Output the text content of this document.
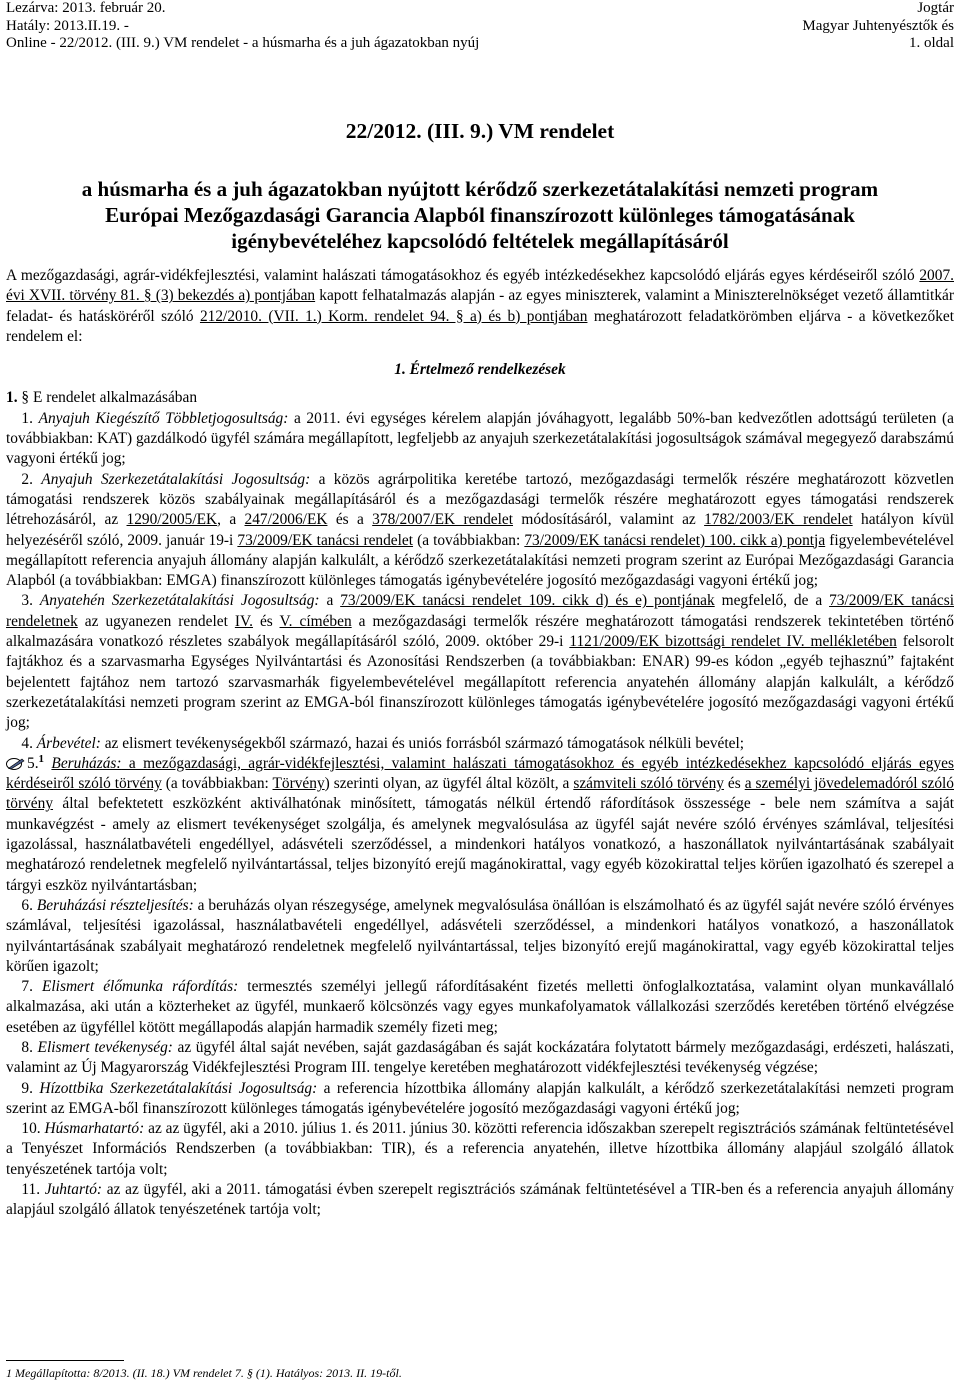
Lezárva: 2013. február 20.
Hatály: 2013.II.19. -
Online - 22/2012. (III. 9.) VM rendelet - a húsmarha és a juh ágazatokban nyúj
Jogtár
Magyar Juhtenyésztők és
1. oldal
22/2012. (III. 9.) VM rendelet
a húsmarha és a juh ágazatokban nyújtott kérődző szerkezetátalakítási nemzeti program
Európai Mezőgazdasági Garancia Alapból finanszírozott különleges támogatásának
igénybevételéhez kapcsolódó feltételek megállapításáról

A mezőgazdasági, agrár-vidékfejlesztési, valamint halászati támogatásokhoz és egyéb intézkedésekhez kapcsolódó eljárás egyes kérdéseiről szóló 2007. évi XVII. törvény 81. § (3) bekezdés a) pontjában kapott felhatalmazás alapján - az egyes miniszterek, valamint a Miniszterelnökséget vezető államtitkár feladat- és hatásköréről szóló 212/2010. (VII. 1.) Korm. rendelet 94. § a) és b) pontjában meghatározott feladatkörömben eljárva - a következőket rendelem el:

1. Értelmező rendelkezések

1. § E rendelet alkalmazásában

 1. Anyajuh Kiegészítő Többletjogosultság: a 2011. évi egységes kérelem alapján jóváhagyott, legalább 50%-ban kedvezőtlen adottságú területen (a továbbiakban: KAT) gazdálkodó ügyfél számára megállapított, legfeljebb az anyajuh szerkezetátalakítási jogosultságok számával megegyező darabszámú vagyoni értékű jog;

 2. Anyajuh Szerkezetátalakítási Jogosultság: a közös agrárpolitika keretébe tartozó, mezőgazdasági termelők részére meghatározott közvetlen támogatási rendszerek közös szabályainak megállapításáról és a mezőgazdasági termelők részére meghatározott egyes támogatási rendszerek létrehozásáról, az 1290/2005/EK, a 247/2006/EK és a 378/2007/EK rendelet módosításáról, valamint az 1782/2003/EK rendelet hatályon kívül helyezéséről szóló, 2009. január 19-i 73/2009/EK tanácsi rendelet (a továbbiakban: 73/2009/EK tanácsi rendelet) 100. cikk a) pontja figyelembevételével megállapított referencia anyajuh állomány alapján kalkulált, a kérődző szerkezetátalakítási nemzeti program szerint az Európai Mezőgazdasági Garancia Alapból (a továbbiakban: EMGA) finanszírozott különleges támogatás igénybevételére jogosító mezőgazdasági vagyoni értékű jog;

 3. Anyatehén Szerkezetátalakítási Jogosultság: a 73/2009/EK tanácsi rendelet 109. cikk d) és e) pontjának megfelelő, de a 73/2009/EK tanácsi rendeletnek az ugyanezen rendelet IV. és V. címében a mezőgazdasági termelők részére meghatározott támogatási rendszerek tekintetében történő alkalmazására vonatkozó részletes szabályok megállapításáról szóló, 2009. október 29-i 1121/2009/EK bizottsági rendelet IV. mellékletében felsorolt fajtákhoz és a szarvasmarha Egységes Nyilvántartási és Azonosítási Rendszerben (a továbbiakban: ENAR) 99-es kódon „egyéb tejhasznú” fajtaként bejelentett fajtához nem tartozó szarvasmarhák figyelembevételével megállapított referencia anyatehén állomány alapján kalkulált, a kérődző szerkezetátalakítási nemzeti program szerint az EMGA-ból finanszírozott különleges támogatás igénybevételére jogosító mezőgazdasági vagyoni értékű jog;

 4. Árbevétel: az elismert tevékenységekből származó, hazai és uniós forrásból származó támogatások nélküli bevétel;

5.$^1$ Beruházás: a mezőgazdasági, agrár-vidékfejlesztési, valamint halászati támogatásokhoz és egyéb intézkedésekhez kapcsolódó eljárás egyes kérdéseiről szóló törvény (a továbbiakban: Törvény) szerinti olyan, az ügyfél által közölt, a számviteli szóló törvény és a személyi jövedelemadóról szóló törvény által befektetett eszközként aktiválhatónak minősített, támogatás nélkül értendő ráfordítások összessége - bele nem számítva a saját munkavégzést - amely az elismert tevékenységet szolgálja, és amelynek megvalósulása az ügyfél saját nevére szóló érvényes számlával, teljesítési igazolással, használatbavételi engedéllyel, adásvételi szerződéssel, a mindenkori hatályos vonatkozó, a haszonállatok nyilvántartásának szabályait meghatározó rendeletnek megfelelő nyilvántartással, teljes bizonyító erejű magánokirattal, vagy egyéb közokirattal teljes körűen igazolható és szerepel a tárgyi eszköz nyilvántartásban;

 6. Beruházási részteljesítés: a beruházás olyan részegysége, amelynek megvalósulása önállóan is elszámolható és az ügyfél saját nevére szóló érvényes számlával, teljesítési igazolással, használatbavételi engedéllyel, adásvételi szerződéssel, a mindenkori hatályos vonatkozó, a haszonállatok nyilvántartásának szabályait meghatározó rendeletnek megfelelő nyilvántartással, teljes bizonyító erejű magánokirattal, vagy egyéb közokirattal teljes körűen igazolt;

 7. Elismert élőmunka ráfordítás: termesztés személyi jellegű ráfordításaként fizetés melletti önfoglalkoztatása, valamint olyan munkavállaló alkalmazása, aki után a közterheket az ügyfél, munkaerő kölcsönzés vagy egyes munkafolyamatok vállalkozási szerződés keretében történő elvégzése esetében az ügyféllel kötött megállapodás alapján harmadik személy fizeti meg;

 8. Elismert tevékenység: az ügyfél által saját nevében, saját gazdaságában és saját kockázatára folytatott bármely mezőgazdasági, erdészeti, halászati, valamint az Új Magyarország Vidékfejlesztési Program III. tengelye keretében meghatározott vidékfejlesztési tevékenység végzése;

 9. Hízottbika Szerkezetátalakítási Jogosultság: a referencia hízottbika állomány alapján kalkulált, a kérődző szerkezetátalakítási nemzeti program szerint az EMGA-ből finanszírozott különleges támogatás igénybevételére jogosító mezőgazdasági vagyoni értékű jog;

 10. Húsmarhatartó: az az ügyfél, aki a 2010. július 1. és 2011. június 30. közötti referencia időszakban szerepelt regisztrációs számának feltüntetésével a Tenyészet Információs Rendszerben (a továbbiakban: TIR), és a referencia anyatehén, illetve hízottbika állomány alapjául szolgáló állatok tenyészetének tartója volt;

 11. Juhtartó: az az ügyfél, aki a 2011. támogatási évben szerepelt regisztrációs számának feltüntetésével a TIR-ben és a referencia anyajuh állomány alapjául szolgáló állatok tenyészetének tartója volt;

1 Megállapította: 8/2013. (II. 18.) VM rendelet 7. § (1). Hatályos: 2013. II. 19-től.
